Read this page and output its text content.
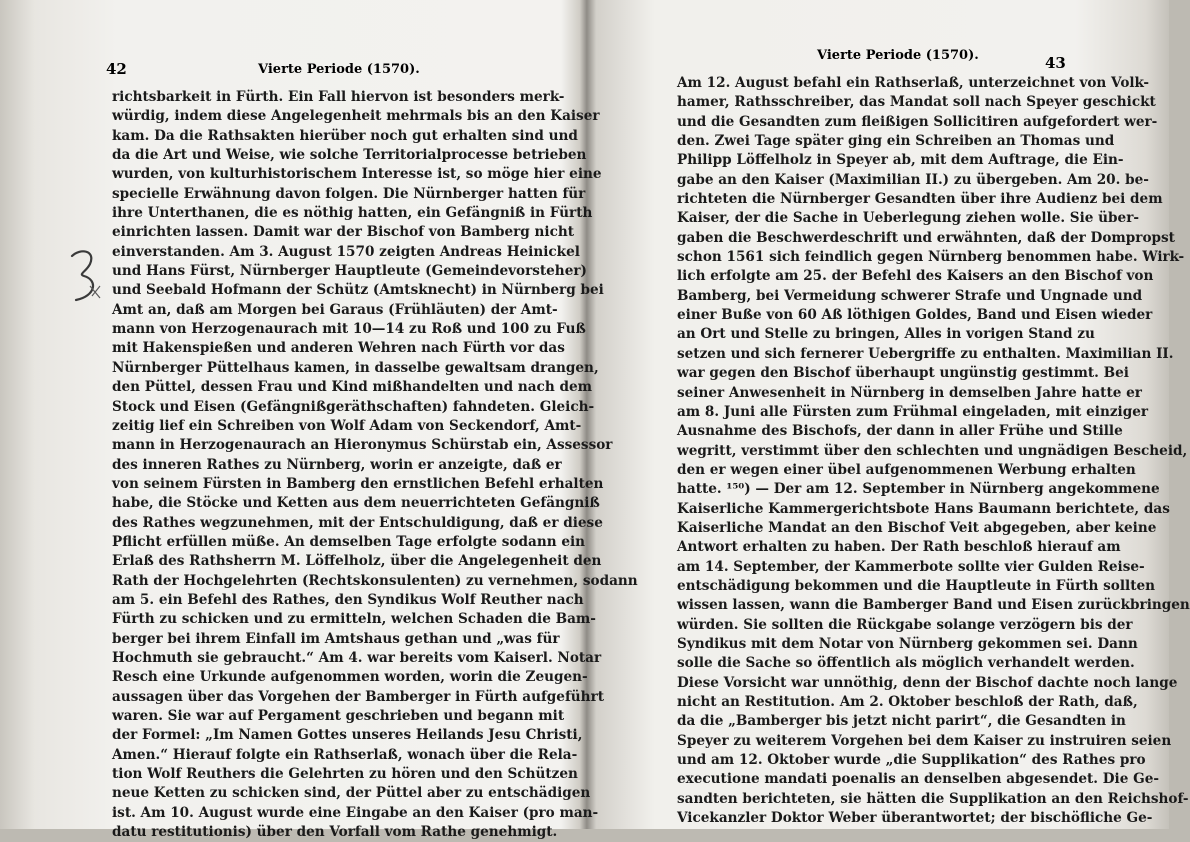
42	Vierte Periode (1570).
richtsbarkeit in Fürth. Ein Fall hiervon ist besonders merk-
würdig, indem diese Angelegenheit mehrmals bis an den Kaiser
kam. Da die Rathsakten hierüber noch gut erhalten sind und
da die Art und Weise, wie solche Territorialprocesse betrieben
wurden, von kulturhistorischem Interesse ist, so möge hier eine
specielle Erwähnung davon folgen. Die Nürnberger hatten für
ihre Unterthanen, die es nöthig hatten, ein Gefängniß in Fürth
einrichten lassen. Damit war der Bischof von Bamberg nicht
einverstanden. Am 3. August 1570 zeigten Andreas Heinickel
und Hans Fürst, Nürnberger Hauptleute (Gemeindevorsteher)
und Seebald Hofmann der Schütz (Amtsknecht) in Nürnberg bei
Amt an, daß am Morgen bei Garaus (Frühläuten) der Amt-
mann von Herzogenaurach mit 10—14 zu Roß und 100 zu Fuß
mit Hakenspießen und anderen Wehren nach Fürth vor das
Nürnberger Püttelhaus kamen, in dasselbe gewaltsam drangen,
den Püttel, dessen Frau und Kind mißhandelten und nach dem
Stock und Eisen (Gefängnißgeräthschaften) fahndeten. Gleich-
zeitig lief ein Schreiben von Wolf Adam von Seckendorf, Amt-
mann in Herzogenaurach an Hieronymus Schürstab ein, Assessor
des inneren Rathes zu Nürnberg, worin er anzeigte, daß er
von seinem Fürsten in Bamberg den ernstlichen Befehl erhalten
habe, die Stöcke und Ketten aus dem neuerrichteten Gefängniß
des Rathes wegzunehmen, mit der Entschuldigung, daß er diese
Pflicht erfüllen müße. An demselben Tage erfolgte sodann ein
Erlaß des Rathsherrn M. Löffelholz, über die Angelegenheit den
Rath der Hochgelehrten (Rechtskonsulenten) zu vernehmen, sodann
am 5. ein Befehl des Rathes, den Syndikus Wolf Reuther nach
Fürth zu schicken und zu ermitteln, welchen Schaden die Bam-
berger bei ihrem Einfall im Amtshaus gethan und „was für
Hochmuth sie gebraucht.“ Am 4. war bereits vom Kaiserl. Notar
Resch eine Urkunde aufgenommen worden, worin die Zeugen-
aussagen über das Vorgehen der Bamberger in Fürth aufgeführt
waren. Sie war auf Pergament geschrieben und begann mit
der Formel: „Im Namen Gottes unseres Heilands Jesu Christi,
Amen.“ Hierauf folgte ein Rathserlaß, wonach über die Rela-
tion Wolf Reuthers die Gelehrten zu hören und den Schützen
neue Ketten zu schicken sind, der Püttel aber zu entschädigen
ist. Am 10. August wurde eine Eingabe an den Kaiser (pro man-
datu restitutionis) über den Vorfall vom Rathe genehmigt.
Vierte Periode (1570).	43
Am 12. August befahl ein Rathserlaß, unterzeichnet von Volk-
hamer, Rathsschreiber, das Mandat soll nach Speyer geschickt
und die Gesandten zum fleißigen Sollicitiren aufgefordert wer-
den. Zwei Tage später ging ein Schreiben an Thomas und
Philipp Löffelholz in Speyer ab, mit dem Auftrage, die Ein-
gabe an den Kaiser (Maximilian II.) zu übergeben. Am 20. be-
richteten die Nürnberger Gesandten über ihre Audienz bei dem
Kaiser, der die Sache in Ueberlegung ziehen wolle. Sie über-
gaben die Beschwerdeschrift und erwähnten, daß der Dompropst
schon 1561 sich feindlich gegen Nürnberg benommen habe. Wirk-
lich erfolgte am 25. der Befehl des Kaisers an den Bischof von
Bamberg, bei Vermeidung schwerer Strafe und Ungnade und
einer Buße von 60 Aß löthigen Goldes, Band und Eisen wieder
an Ort und Stelle zu bringen, Alles in vorigen Stand zu
setzen und sich fernerer Uebergriffe zu enthalten. Maximilian II.
war gegen den Bischof überhaupt ungünstig gestimmt. Bei
seiner Anwesenheit in Nürnberg in demselben Jahre hatte er
am 8. Juni alle Fürsten zum Frühmal eingeladen, mit einziger
Ausnahme des Bischofs, der dann in aller Frühe und Stille
wegritt, verstimmt über den schlechten und ungnädigen Bescheid,
den er wegen einer übel aufgenommenen Werbung erhalten
hatte. ¹⁵⁰) — Der am 12. September in Nürnberg angekommene
Kaiserliche Kammergerichtsbote Hans Baumann berichtete, das
Kaiserliche Mandat an den Bischof Veit abgegeben, aber keine
Antwort erhalten zu haben. Der Rath beschloß hierauf am
am 14. September, der Kammerbote sollte vier Gulden Reise-
entschädigung bekommen und die Hauptleute in Fürth sollten
wissen lassen, wann die Bamberger Band und Eisen zurückbringen
würden. Sie sollten die Rückgabe solange verzögern bis der
Syndikus mit dem Notar von Nürnberg gekommen sei. Dann
solle die Sache so öffentlich als möglich verhandelt werden.
Diese Vorsicht war unnöthig, denn der Bischof dachte noch lange
nicht an Restitution. Am 2. Oktober beschloß der Rath, daß,
da die „Bamberger bis jetzt nicht parirt“, die Gesandten in
Speyer zu weiterem Vorgehen bei dem Kaiser zu instruiren seien
und am 12. Oktober wurde „die Supplikation“ des Rathes pro
executione mandati poenalis an denselben abgesendet. Die Ge-
sandten berichteten, sie hätten die Supplikation an den Reichshof-
Vicekanzler Doktor Weber überantwortet; der bischöfliche Ge-
